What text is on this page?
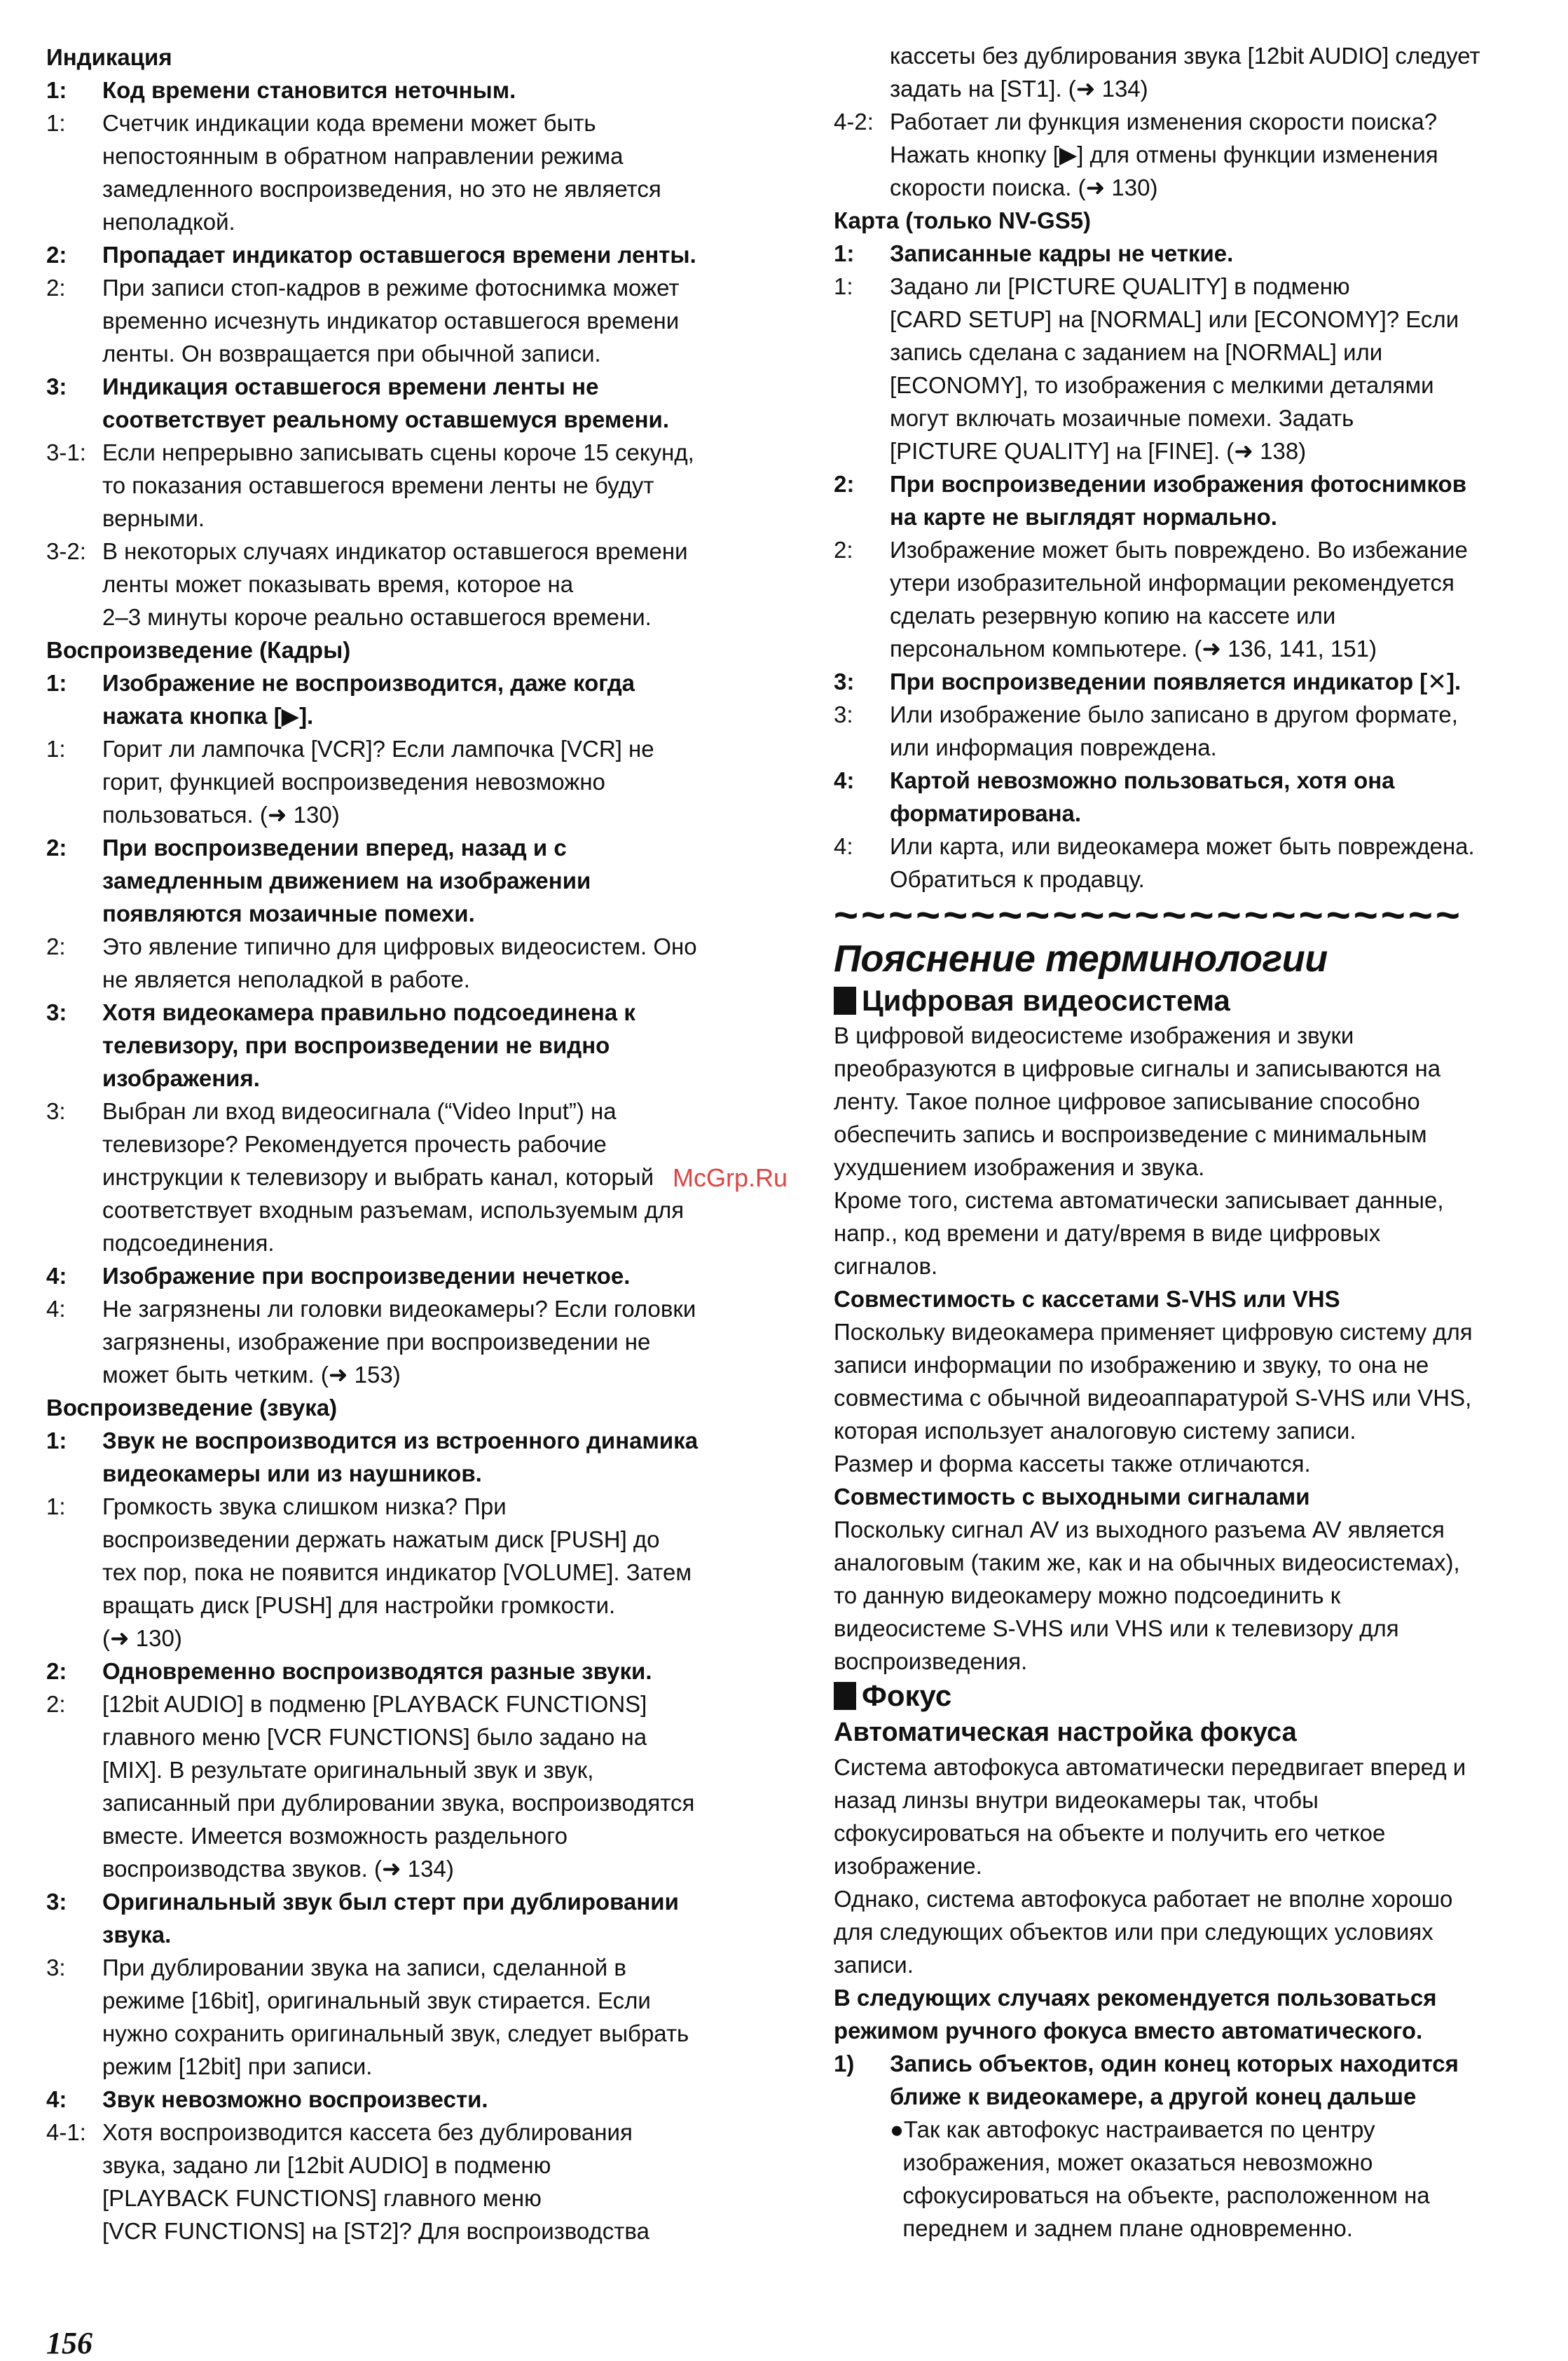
Индикация
1:	Код времени становится неточным.
1:	Счетчик индикации кода времени может быть
непостоянным в обратном направлении режима
замедленного воспроизведения, но это не является
неполадкой.
2:	Пропадает индикатор оставшегося времени ленты.
2:	При записи стоп-кадров в режиме фотоснимка может
временно исчезнуть индикатор оставшегося времени
ленты. Он возвращается при обычной записи.
3:	Индикация оставшегося времени ленты не
соответствует реальному оставшемуся времени.
3-1: Если непрерывно записывать сцены короче 15 секунд,
то показания оставшегося времени ленты не будут
верными.
3-2: В некоторых случаях индикатор оставшегося времени
ленты может показывать время, которое на
2–3 минуты короче реально оставшегося времени.
Воспроизведение (Кадры)
1:	Изображение не воспроизводится, даже когда
нажата кнопка [▶].
1:	Горит ли лампочка [VCR]? Если лампочка [VCR] не
горит, функцией воспроизведения невозможно
пользоваться. (➜ 130)
2:	При воспроизведении вперед, назад и с
замедленным движением на изображении
появляются мозаичные помехи.
2:	Это явление типично для цифровых видеосистем. Оно
не является неполадкой в работе.
3:	Хотя видеокамера правильно подсоединена к
телевизору, при воспроизведении не видно
изображения.
3:	Выбран ли вход видеосигнала (“Video Input”) на
телевизоре? Рекомендуется прочесть рабочие
инструкции к телевизору и выбрать канал, который
соответствует входным разъемам, используемым для
подсоединения.
4:	Изображение при воспроизведении нечеткое.
4:	Не загрязнены ли головки видеокамеры? Если головки
загрязнены, изображение при воспроизведении не
может быть четким. (➜ 153)
Воспроизведение (звука)
1:	Звук не воспроизводится из встроенного динамика
видеокамеры или из наушников.
1:	Громкость звука слишком низка? При
воспроизведении держать нажатым диск [PUSH] до
тех пор, пока не появится индикатор [VOLUME]. Затем
вращать диск [PUSH] для настройки громкости.
(➜ 130)
2:	Одновременно воспроизводятся разные звуки.
2:	[12bit AUDIO] в подменю [PLAYBACK FUNCTIONS]
главного меню [VCR FUNCTIONS] было задано на
[MIX]. В результате оригинальный звук и звук,
записанный при дублировании звука, воспроизводятся
вместе. Имеется возможность раздельного
воспроизводства звуков. (➜ 134)
3:	Оригинальный звук был стерт при дублировании
звука.
3:	При дублировании звука на записи, сделанной в
режиме [16bit], оригинальный звук стирается. Если
нужно сохранить оригинальный звук, следует выбрать
режим [12bit] при записи.
4:	Звук невозможно воспроизвести.
4-1: Хотя воспроизводится кассета без дублирования
звука, задано ли [12bit AUDIO] в подменю
[PLAYBACK FUNCTIONS] главного меню
[VCR FUNCTIONS] на [ST2]? Для воспроизводства
кассеты без дублирования звука [12bit AUDIO] следует
задать на [ST1]. (➜ 134)
4-2: Работает ли функция изменения скорости поиска?
Нажать кнопку [▶] для отмены функции изменения
скорости поиска. (➜ 130)
Карта (только NV-GS5)
1:	Записанные кадры не четкие.
1:	Задано ли [PICTURE QUALITY] в подменю
[CARD SETUP] на [NORMAL] или [ECONOMY]? Если
запись сделана с заданием на [NORMAL] или
[ECONOMY], то изображения с мелкими деталями
могут включать мозаичные помехи. Задать
[PICTURE QUALITY] на [FINE]. (➜ 138)
2:	При воспроизведении изображения фотоснимков
на карте не выглядят нормально.
2:	Изображение может быть повреждено. Во избежание
утери изобразительной информации рекомендуется
сделать резервную копию на кассете или
персональном компьютере. (➜ 136, 141, 151)
3:	При воспроизведении появляется индикатор [✕].
3:	Или изображение было записано в другом формате,
или информация повреждена.
4:	Картой невозможно пользоваться, хотя она
форматирована.
4:	Или карта, или видеокамера может быть повреждена.
Обратиться к продавцу.
~~~~~~~~~~~~~~~~~~~~~~~
Пояснение терминологии
Цифровая видеосистема
В цифровой видеосистеме изображения и звуки
преобразуются в цифровые сигналы и записываются на
ленту. Такое полное цифровое записывание способно
обеспечить запись и воспроизведение с минимальным
ухудшением изображения и звука.
Кроме того, система автоматически записывает данные,
напр., код времени и дату/время в виде цифровых
сигналов.
Совместимость с кассетами S-VHS или VHS
Поскольку видеокамера применяет цифровую систему для
записи информации по изображению и звуку, то она не
совместима с обычной видеоаппаратурой S-VHS или VHS,
которая использует аналоговую систему записи.
Размер и форма кассеты также отличаются.
Совместимость с выходными сигналами
Поскольку сигнал AV из выходного разъема AV является
аналоговым (таким же, как и на обычных видеосистемах),
то данную видеокамеру можно подсоединить к
видеосистеме S-VHS или VHS или к телевизору для
воспроизведения.
Фокус
Автоматическая настройка фокуса
Система автофокуса автоматически передвигает вперед и
назад линзы внутри видеокамеры так, чтобы
сфокусироваться на объекте и получить его четкое
изображение.
Однако, система автофокуса работает не вполне хорошо
для следующих объектов или при следующих условиях
записи.
В следующих случаях рекомендуется пользоваться
режимом ручного фокуса вместо автоматического.
1)	Запись объектов, один конец которых находится
ближе к видеокамере, а другой конец дальше
●Так как автофокус настраивается по центру
изображения, может оказаться невозможно
сфокусироваться на объекте, расположенном на
переднем и заднем плане одновременно.
McGrp.Ru
156
